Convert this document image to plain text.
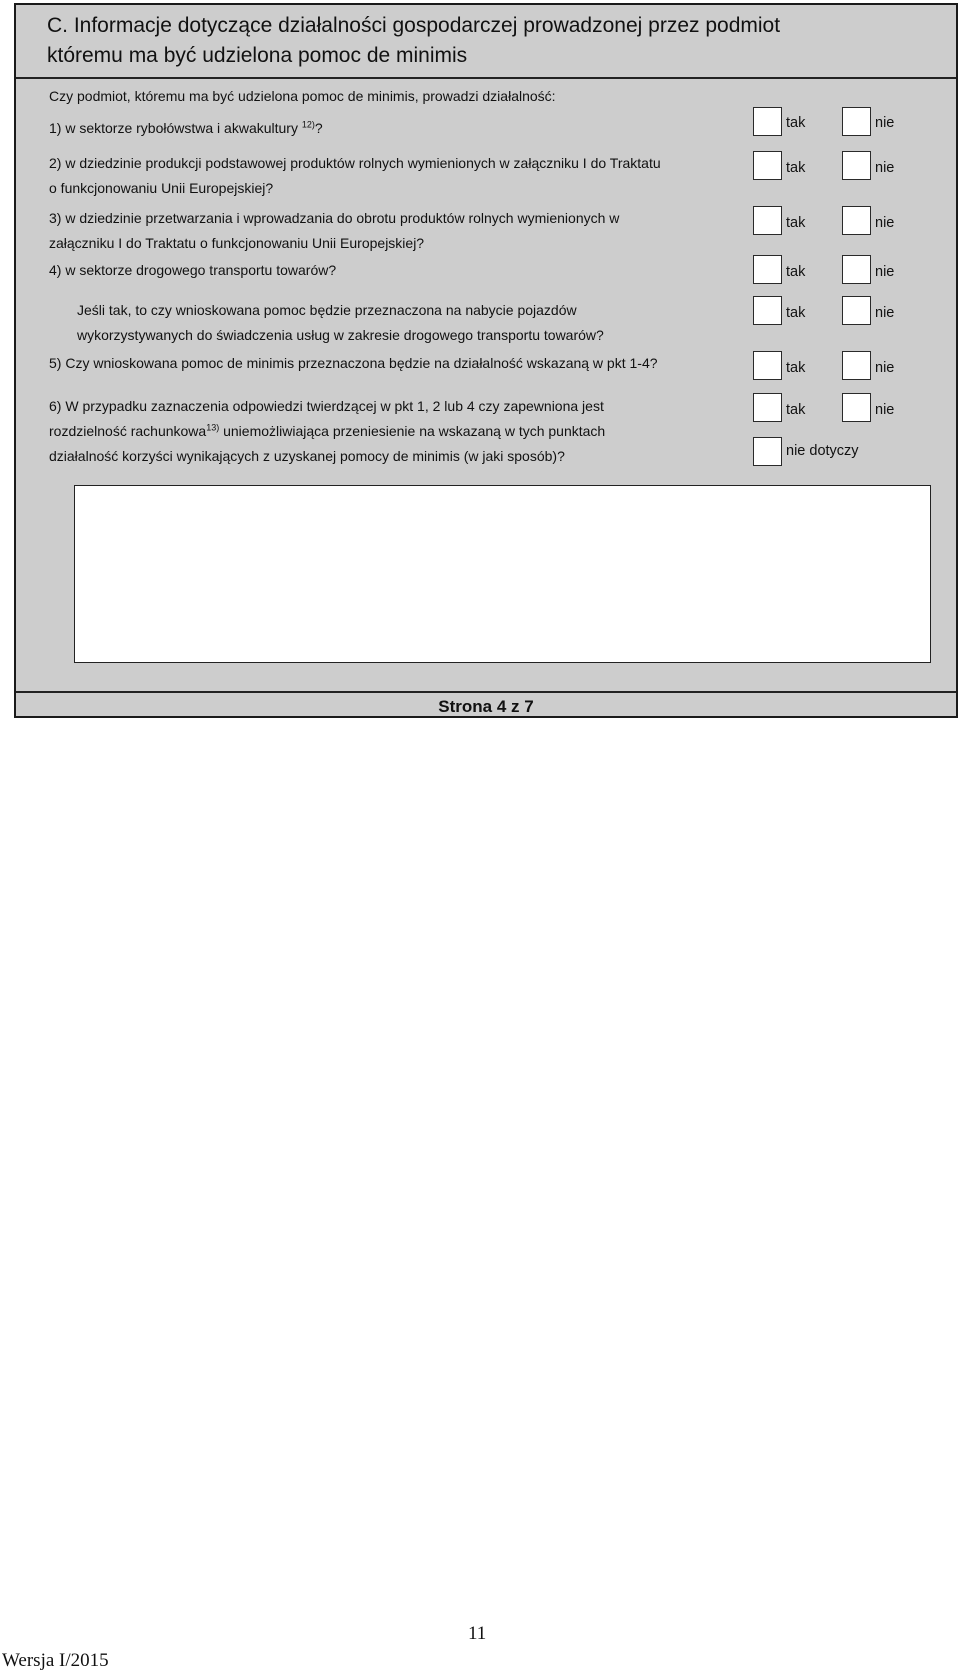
C. Informacje dotyczące działalności gospodarczej prowadzonej przez podmiot
któremu ma być udzielona pomoc de minimis
Czy podmiot, któremu ma być udzielona pomoc de minimis, prowadzi działalność:
1) w sektorze rybołówstwa i akwakultury $^{12)}$?	tak	nie
2) w dziedzinie produkcji podstawowej produktów rolnych wymienionych w załączniku I do Traktatu
o funkcjonowaniu Unii Europejskiej?
tak	nie
3) w dziedzinie przetwarzania i wprowadzania do obrotu produktów rolnych wymienionych w
załączniku I do Traktatu o funkcjonowaniu Unii Europejskiej?
tak	nie
4) w sektorze drogowego transportu towarów?	tak	nie
Jeśli tak, to czy wnioskowana pomoc będzie przeznaczona na nabycie pojazdów
wykorzystywanych do świadczenia usług w zakresie drogowego transportu towarów?
tak	nie
5) Czy wnioskowana pomoc de minimis przeznaczona będzie na działalność wskazaną w pkt 1-4?	tak	nie
6) W przypadku zaznaczenia odpowiedzi twierdzącej w pkt 1, 2 lub 4 czy zapewniona jest
rozdzielność rachunkowa$^{13)}$ uniemożliwiająca przeniesienie na wskazaną w tych punktach
działalność korzyści wynikających z uzyskanej pomocy de minimis (w jaki sposób)?
tak	nie
nie dotyczy
Strona 4 z 7
11
Wersja I/2015
